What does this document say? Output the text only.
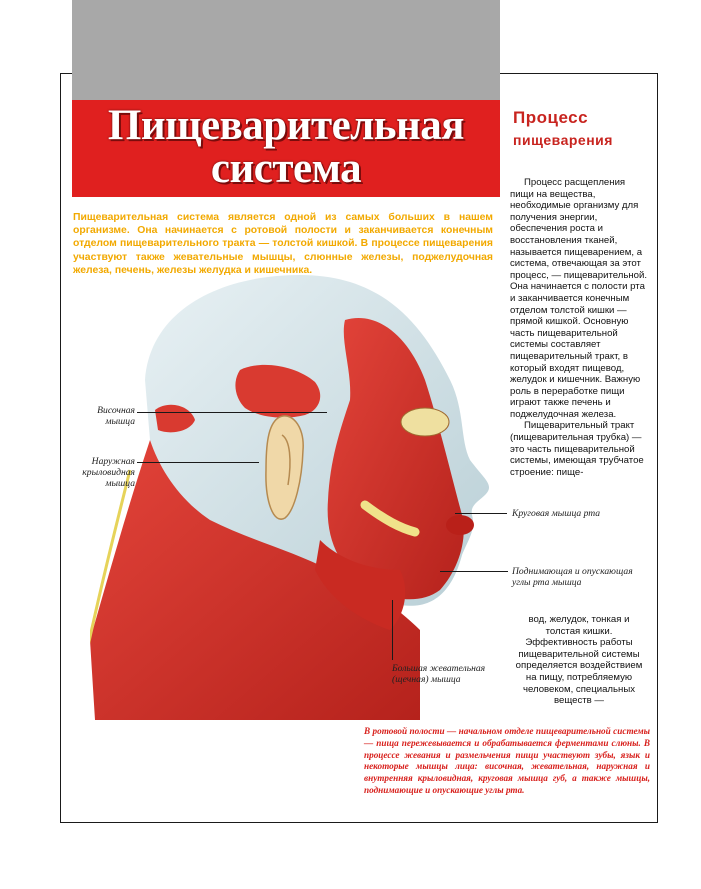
Пищеварительная
система
Процесс
пищеварения
Пищеварительная система является одной из самых больших в нашем организме. Она начинается с ротовой полости и заканчивается конечным отделом пищеварительного тракта — толстой кишкой. В процессе пищеварения участвуют также жевательные мышцы, слюнные железы, поджелудочная железа, печень, железы желудка и кишечника.

Процесс расщепления пищи на вещества, необходимые организму для получения энергии, обеспечения роста и восстановления тканей, называется пищеварением, а система, отвечающая за этот процесс, — пищеварительной. Она начинается с полости рта и заканчивается конечным отделом толстой кишки — прямой кишкой. Основную часть пищеварительной системы составляет пищеварительный тракт, в который входят пищевод, желудок и кишечник. Важную роль в переработке пищи играют также печень и поджелудочная железа.

Пищеварительный тракт (пищеварительная трубка) — это часть пищеварительной системы, имеющая трубчатое строение: пище-

вод, желудок, тонкая и толстая кишки.

Эффективность работы пищеварительной системы определяется воздействием на пищу, потребляемую человеком, специальных веществ —

Височная мышца
Наружная крыловидная мышца
Круговая мышца рта
Поднимающая и опускающая углы рта мышца
Большая жевательная (щечная) мышца
В ротовой полости — начальном отделе пищеварительной системы — пища пережевывается и обрабатывается ферментами слюны. В процессе жевания и размельчения пищи участвуют зубы, язык и некоторые мышцы лица: височная, жевательная, наружная и внутренняя крыловидная, круговая мышца губ, а также мышцы, поднимающие и опускающие углы рта.
